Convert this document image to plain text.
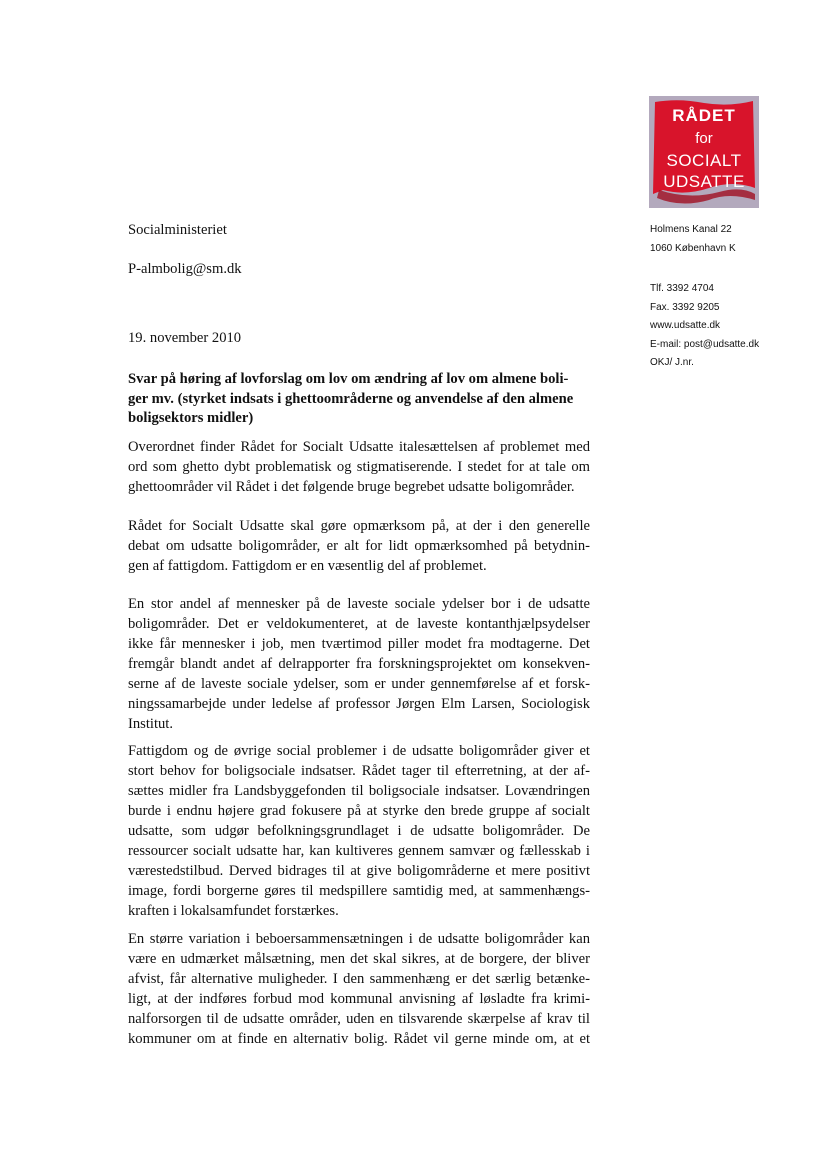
RÅDET
for
SOCIALT
UDSATTE
Holmens Kanal 22
1060 København K
Tlf. 3392 4704
Fax. 3392 9205
www.udsatte.dk
E-mail: post@udsatte.dk
OKJ/ J.nr.
Socialministeriet
P-almbolig@sm.dk
19. november 2010
Svar på høring af lovforslag om lov om ændring af lov om almene boli-
ger mv. (styrket indsats i ghettoområderne og anvendelse af den almene
boligsektors midler)
Overordnet finder Rådet for Socialt Udsatte italesættelsen af problemet med
ord som ghetto dybt problematisk og stigmatiserende. I stedet for at tale om
ghettoområder vil Rådet i det følgende bruge begrebet udsatte boligområder.
Rådet for Socialt Udsatte skal gøre opmærksom på, at der i den generelle
debat om udsatte boligområder, er alt for lidt opmærksomhed på betydnin-
gen af fattigdom. Fattigdom er en væsentlig del af problemet.
En stor andel af mennesker på de laveste sociale ydelser bor i de udsatte
boligområder. Det er veldokumenteret, at de laveste kontanthjælpsydelser
ikke får mennesker i job, men tværtimod piller modet fra modtagerne. Det
fremgår blandt andet af delrapporter fra forskningsprojektet om konsekven-
serne af de laveste sociale ydelser, som er under gennemførelse af et forsk-
ningssamarbejde under ledelse af professor Jørgen Elm Larsen, Sociologisk
Institut.
Fattigdom og de øvrige social problemer i de udsatte boligområder giver et
stort behov for boligsociale indsatser. Rådet tager til efterretning, at der af-
sættes midler fra Landsbyggefonden til boligsociale indsatser. Lovændringen
burde i endnu højere grad fokusere på at styrke den brede gruppe af socialt
udsatte, som udgør befolkningsgrundlaget i de udsatte boligområder. De
ressourcer socialt udsatte har, kan kultiveres gennem samvær og fællesskab i
værestedstilbud. Derved bidrages til at give boligområderne et mere positivt
image, fordi borgerne gøres til medspillere samtidig med, at sammenhængs-
kraften i lokalsamfundet forstærkes.
En større variation i beboersammensætningen i de udsatte boligområder kan
være en udmærket målsætning, men det skal sikres, at de borgere, der bliver
afvist, får alternative muligheder. I den sammenhæng er det særlig betænke-
ligt, at der indføres forbud mod kommunal anvisning af løsladte fra krimi-
nalforsorgen til de udsatte områder, uden en tilsvarende skærpelse af krav til
kommuner om at finde en alternativ bolig. Rådet vil gerne minde om, at et
